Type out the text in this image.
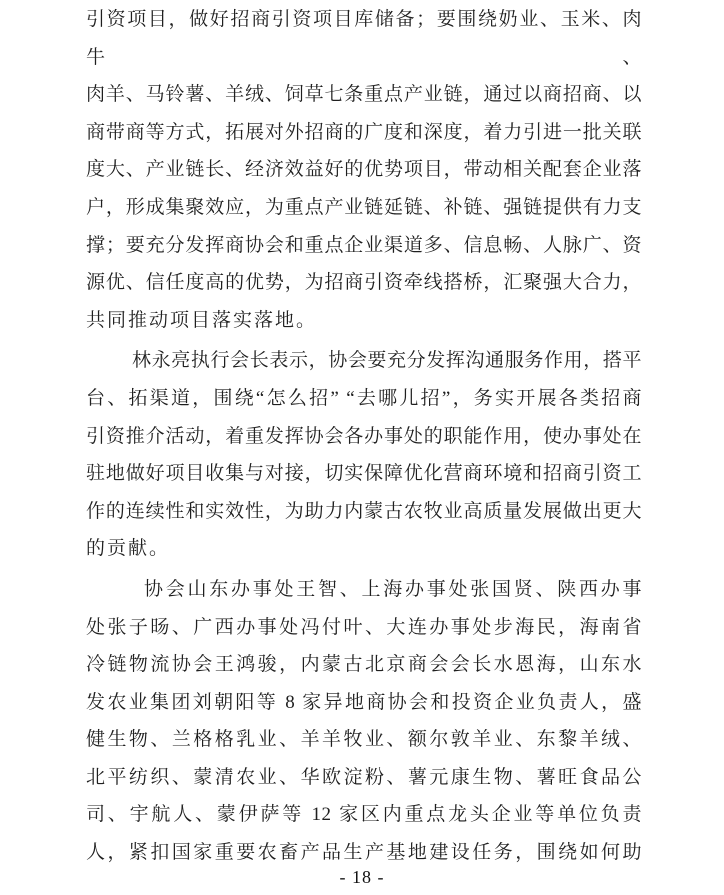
引资项目，做好招商引资项目库储备；要围绕奶业、玉米、肉牛、

肉羊、马铃薯、羊绒、饲草七条重点产业链，通过以商招商、以

商带商等方式，拓展对外招商的广度和深度，着力引进一批关联

度大、产业链长、经济效益好的优势项目，带动相关配套企业落

户，形成集聚效应，为重点产业链延链、补链、强链提供有力支

撑；要充分发挥商协会和重点企业渠道多、信息畅、人脉广、资

源优、信任度高的优势，为招商引资牵线搭桥，汇聚强大合力，

共同推动项目落实落地。

林永亮执行会长表示，协会要充分发挥沟通服务作用，搭平

台、拓渠道，围绕“怎么招” “去哪儿招”，务实开展各类招商

引资推介活动，着重发挥协会各办事处的职能作用，使办事处在

驻地做好项目收集与对接，切实保障优化营商环境和招商引资工

作的连续性和实效性，为助力内蒙古农牧业高质量发展做出更大

的贡献。

协会山东办事处王智、上海办事处张国贤、陕西办事

处张子旸、广西办事处冯付叶、大连办事处步海民，海南省

冷链物流协会王鸿骏，内蒙古北京商会会长水恩海，山东水

发农业集团刘朝阳等 8 家异地商协会和投资企业负责人，盛

健生物、兰格格乳业、羊羊牧业、额尔敦羊业、东黎羊绒、

北平纺织、蒙清农业、华欧淀粉、薯元康生物、薯旺食品公

司、宇航人、蒙伊萨等 12 家区内重点龙头企业等单位负责

人，紧扣国家重要农畜产品生产基地建设任务，围绕如何助

- 18 -
